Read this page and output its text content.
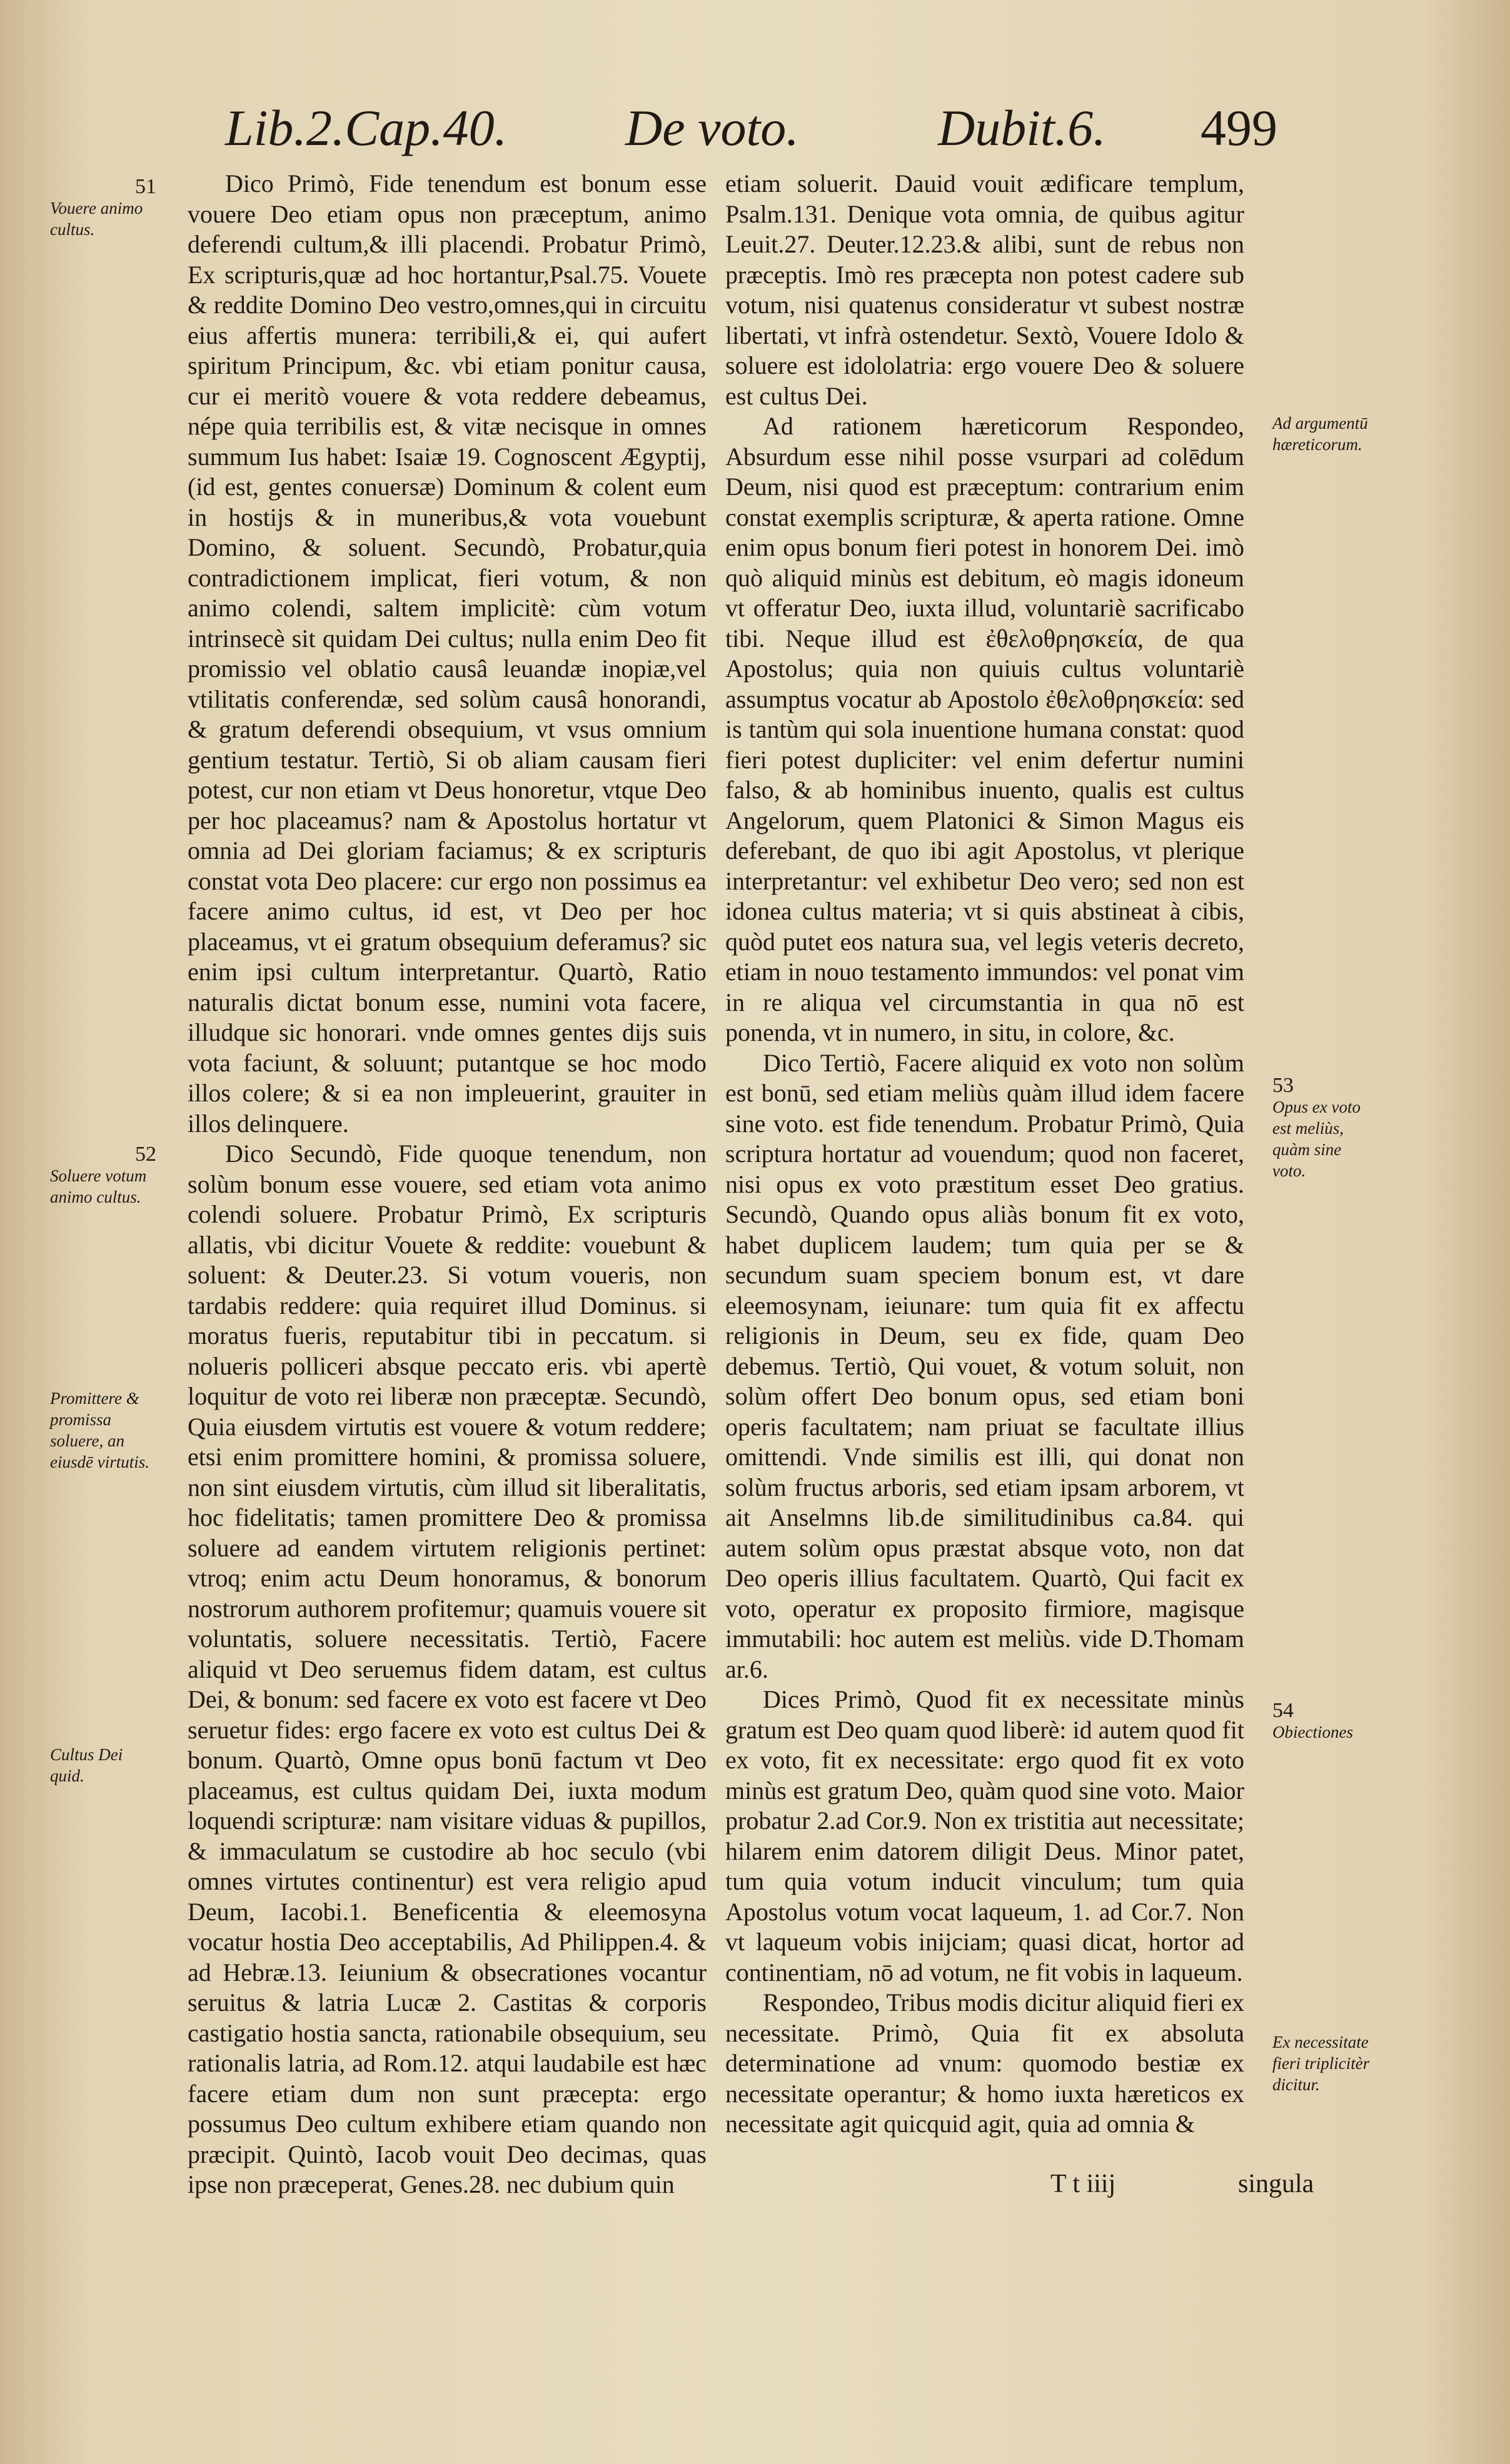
Lib.2.Cap.40. De voto.	Dubit.6. 499

Dico Primò, Fide tenendum est bonum esse vouere Deo etiam opus non præceptum, animo deferendi cultum,& illi placendi. Probatur Primò, Ex scripturis,quæ ad hoc hortantur,Psal.75. Vouete & reddite Domino Deo vestro,omnes,qui in circuitu eius affertis munera: terribili,& ei, qui aufert spiritum Principum, &c. vbi etiam ponitur causa, cur ei meritò vouere & vota reddere debeamus, népe quia terribilis est, & vitæ necisque in omnes summum Ius habet: Isaiæ 19. Cognoscent Ægyptij, (id est, gentes conuersæ) Dominum & colent eum in hostijs & in muneribus,& vota vouebunt Domino, & soluent. Secundò, Probatur,quia contradictionem implicat, fieri votum, & non animo colendi, saltem implicitè: cùm votum intrinsecè sit quidam Dei cultus; nulla enim Deo fit promissio vel oblatio causâ leuandæ inopiæ,vel vtilitatis conferendæ, sed solùm causâ honorandi, & gratum deferendi obsequium, vt vsus omnium gentium testatur. Tertiò, Si ob aliam causam fieri potest, cur non etiam vt Deus honoretur, vtque Deo per hoc placeamus? nam & Apostolus hortatur vt omnia ad Dei gloriam faciamus; & ex scripturis constat vota Deo placere: cur ergo non possimus ea facere animo cultus, id est, vt Deo per hoc placeamus, vt ei gratum obsequium deferamus? sic enim ipsi cultum interpretantur. Quartò, Ratio naturalis dictat bonum esse, numini vota facere, illudque sic honorari. vnde omnes gentes dijs suis vota faciunt, & soluunt; putantque se hoc modo illos colere; & si ea non impleuerint, grauiter in illos delinquere.

Dico Secundò, Fide quoque tenendum, non solùm bonum esse vouere, sed etiam vota animo colendi soluere. Probatur Primò, Ex scripturis allatis, vbi dicitur Vouete & reddite: vouebunt & soluent: & Deuter.23. Si votum voueris, non tardabis reddere: quia requiret illud Dominus. si moratus fueris, reputabitur tibi in peccatum. si nolueris polliceri absque peccato eris. vbi apertè loquitur de voto rei liberæ non præceptæ. Secundò, Quia eiusdem virtutis est vouere & votum reddere; etsi enim promittere homini, & promissa soluere, non sint eiusdem virtutis, cùm illud sit liberalitatis, hoc fidelitatis; tamen promittere Deo & promissa soluere ad eandem virtutem religionis pertinet: vtroq; enim actu Deum honoramus, & bonorum nostrorum authorem profitemur; quamuis vouere sit voluntatis, soluere necessitatis. Tertiò, Facere aliquid vt Deo seruemus fidem datam, est cultus Dei, & bonum: sed facere ex voto est facere vt Deo seruetur fides: ergo facere ex voto est cultus Dei & bonum. Quartò, Omne opus bonū factum vt Deo placeamus, est cultus quidam Dei, iuxta modum loquendi scripturæ: nam visitare viduas & pupillos, & immaculatum se custodire ab hoc seculo (vbi omnes virtutes continentur) est vera religio apud Deum, Iacobi.1. Beneficentia & eleemosyna vocatur hostia Deo acceptabilis, Ad Philippen.4. & ad Hebræ.13. Ieiunium & obsecrationes vocantur seruitus & latria Lucæ 2. Castitas & corporis castigatio hostia sancta, rationabile obsequium, seu rationalis latria, ad Rom.12. atqui laudabile est hæc facere etiam dum non sunt præcepta: ergo possumus Deo cultum exhibere etiam quando non præcipit. Quintò, Iacob vouit Deo decimas, quas ipse non præceperat, Genes.28. nec dubium quin

etiam soluerit. Dauid vouit ædificare templum, Psalm.131. Denique vota omnia, de quibus agitur Leuit.27. Deuter.12.23.& alibi, sunt de rebus non præceptis. Imò res præcepta non potest cadere sub votum, nisi quatenus consideratur vt subest nostræ libertati, vt infrà ostendetur. Sextò, Vouere Idolo & soluere est idololatria: ergo vouere Deo & soluere est cultus Dei.

Ad rationem hæreticorum Respondeo, Absurdum esse nihil posse vsurpari ad colēdum Deum, nisi quod est præceptum: contrarium enim constat exemplis scripturæ, & aperta ratione. Omne enim opus bonum fieri potest in honorem Dei. imò quò aliquid minùs est debitum, eò magis idoneum vt offeratur Deo, iuxta illud, voluntariè sacrificabo tibi. Neque illud est ἐθελοθρησκεία, de qua Apostolus; quia non quiuis cultus voluntariè assumptus vocatur ab Apostolo ἐθελοθρησκεία: sed is tantùm qui sola inuentione humana constat: quod fieri potest dupliciter: vel enim defertur numini falso, & ab hominibus inuento, qualis est cultus Angelorum, quem Platonici & Simon Magus eis deferebant, de quo ibi agit Apostolus, vt plerique interpretantur: vel exhibetur Deo vero; sed non est idonea cultus materia; vt si quis abstineat à cibis, quòd putet eos natura sua, vel legis veteris decreto, etiam in nouo testamento immundos: vel ponat vim in re aliqua vel circumstantia in qua nō est ponenda, vt in numero, in situ, in colore, &c.

Dico Tertiò, Facere aliquid ex voto non solùm est bonū, sed etiam meliùs quàm illud idem facere sine voto. est fide tenendum. Probatur Primò, Quia scriptura hortatur ad vouendum; quod non faceret, nisi opus ex voto præstitum esset Deo gratius. Secundò, Quando opus aliàs bonum fit ex voto, habet duplicem laudem; tum quia per se & secundum suam speciem bonum est, vt dare eleemosynam, ieiunare: tum quia fit ex affectu religionis in Deum, seu ex fide, quam Deo debemus. Tertiò, Qui vouet, & votum soluit, non solùm offert Deo bonum opus, sed etiam boni operis facultatem; nam priuat se facultate illius omittendi. Vnde similis est illi, qui donat non solùm fructus arboris, sed etiam ipsam arborem, vt ait Anselmns lib.de similitudinibus ca.84. qui autem solùm opus præstat absque voto, non dat Deo operis illius facultatem. Quartò, Qui facit ex voto, operatur ex proposito firmiore, magisque immutabili: hoc autem est meliùs. vide D.Thomam ar.6.

Dices Primò, Quod fit ex necessitate minùs gratum est Deo quam quod liberè: id autem quod fit ex voto, fit ex necessitate: ergo quod fit ex voto minùs est gratum Deo, quàm quod sine voto. Maior probatur 2.ad Cor.9. Non ex tristitia aut necessitate; hilarem enim datorem diligit Deus. Minor patet, tum quia votum inducit vinculum; tum quia Apostolus votum vocat laqueum, 1. ad Cor.7. Non vt laqueum vobis inijciam; quasi dicat, hortor ad continentiam, nō ad votum, ne fit vobis in laqueum.

Respondeo, Tribus modis dicitur aliquid fieri ex necessitate. Primò, Quia fit ex absoluta determinatione ad vnum: quomodo bestiæ ex necessitate operantur; & homo iuxta hæreticos ex necessitate agit quicquid agit, quia ad omnia &

51
Vouere animo cultus.
52
Soluere votum animo cultus.
Promittere & promissa soluere, an eiusdē virtutis.
Cultus Dei quid.
Ad argumentū hæreticorum.
53
Opus ex voto est meliùs, quàm sine voto.
54
Obiectiones
Ex necessitate fieri triplicitèr dicitur.
T t iiij	singula
